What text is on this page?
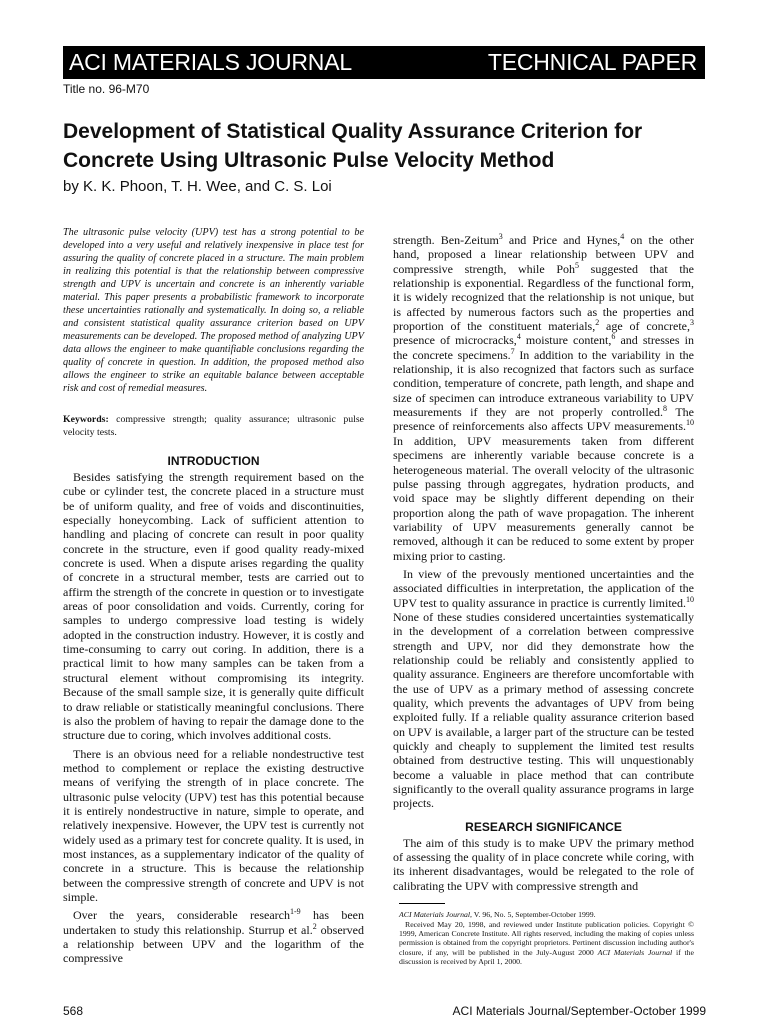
ACI MATERIALS JOURNAL	TECHNICAL PAPER
Title no. 96-M70
Development of Statistical Quality Assurance Criterion for Concrete Using Ultrasonic Pulse Velocity Method
by K. K. Phoon, T. H. Wee, and C. S. Loi

The ultrasonic pulse velocity (UPV) test has a strong potential to be developed into a very useful and relatively inexpensive in place test for assuring the quality of concrete placed in a structure. The main problem in realizing this potential is that the relationship between compressive strength and UPV is uncertain and concrete is an inherently variable material. This paper presents a probabilistic framework to incorporate these uncertainties rationally and systematically. In doing so, a reliable and consistent statistical quality assurance criterion based on UPV measurements can be developed. The proposed method of analyzing UPV data allows the engineer to make quantifiable conclusions regarding the quality of concrete in question. In addition, the proposed method also allows the engineer to strike an equitable balance between acceptable risk and cost of remedial measures.

Keywords: compressive strength; quality assurance; ultrasonic pulse velocity tests.

INTRODUCTION

Besides satisfying the strength requirement based on the cube or cylinder test, the concrete placed in a structure must be of uniform quality, and free of voids and discontinuities, especially honeycombing. Lack of sufficient attention to handling and placing of concrete can result in poor quality concrete in the structure, even if good quality ready-mixed concrete is used. When a dispute arises regarding the quality of concrete in a structural member, tests are carried out to affirm the strength of the concrete in question or to investigate areas of poor consolidation and voids. Currently, coring for samples to undergo compressive load testing is widely adopted in the construction industry. However, it is costly and time-consuming to carry out coring. In addition, there is a practical limit to how many samples can be taken from a structural element without compromising its integrity. Because of the small sample size, it is generally quite difficult to draw reliable or statistically meaningful conclusions. There is also the problem of having to repair the damage done to the structure due to coring, which involves additional costs.

There is an obvious need for a reliable nondestructive test method to complement or replace the existing destructive means of verifying the strength of in place concrete. The ultrasonic pulse velocity (UPV) test has this potential because it is entirely nondestructive in nature, simple to operate, and relatively inexpensive. However, the UPV test is currently not widely used as a primary test for concrete quality. It is used, in most instances, as a supplementary indicator of the quality of concrete in a structure. This is because the relationship between the compressive strength of concrete and UPV is not simple.

Over the years, considerable research$^{1-9}$ has been undertaken to study this relationship. Sturrup et al.$^2$ observed a relationship between UPV and the logarithm of the compressive

strength. Ben-Zeitum$^3$ and Price and Hynes,$^4$ on the other hand, proposed a linear relationship between UPV and compressive strength, while Poh$^5$ suggested that the relationship is exponential. Regardless of the functional form, it is widely recognized that the relationship is not unique, but is affected by numerous factors such as the properties and proportion of the constituent materials,$^2$ age of concrete,$^3$ presence of microcracks,$^4$ moisture content,$^6$ and stresses in the concrete specimens.$^7$ In addition to the variability in the relationship, it is also recognized that factors such as surface condition, temperature of concrete, path length, and shape and size of specimen can introduce extraneous variability to UPV measurements if they are not properly controlled.$^8$ The presence of reinforcements also affects UPV measurements.$^{10}$ In addition, UPV measurements taken from different specimens are inherently variable because concrete is a heterogeneous material. The overall velocity of the ultrasonic pulse passing through aggregates, hydration products, and void space may be slightly different depending on their proportion along the path of wave propagation. The inherent variability of UPV measurements generally cannot be removed, although it can be reduced to some extent by proper mixing prior to casting.

In view of the prevously mentioned uncertainties and the associated difficulties in interpretation, the application of the UPV test to quality assurance in practice is currently limited.$^{10}$ None of these studies considered uncertainties systematically in the development of a correlation between compressive strength and UPV, nor did they demonstrate how the relationship could be reliably and consistently applied to quality assurance. Engineers are therefore uncomfortable with the use of UPV as a primary method of assessing concrete quality, which prevents the advantages of UPV from being exploited fully. If a reliable quality assurance criterion based on UPV is available, a larger part of the structure can be tested quickly and cheaply to supplement the limited test results obtained from destructive testing. This will unquestionably become a valuable in place method that can contribute significantly to the overall quality assurance programs in large projects.

RESEARCH SIGNIFICANCE

The aim of this study is to make UPV the primary method of assessing the quality of in place concrete while coring, with its inherent disadvantages, would be relegated to the role of calibrating the UPV with compressive strength and

ACI Materials Journal, V. 96, No. 5, September-October 1999.

Received May 20, 1998, and reviewed under Institute publication policies. Copyright © 1999, American Concrete Institute. All rights reserved, including the making of copies unless permission is obtained from the copyright proprietors. Pertinent discussion including author's closure, if any, will be published in the July-August 2000 ACI Materials Journal if the discussion is received by April 1, 2000.

568	ACI Materials Journal/September-October 1999
